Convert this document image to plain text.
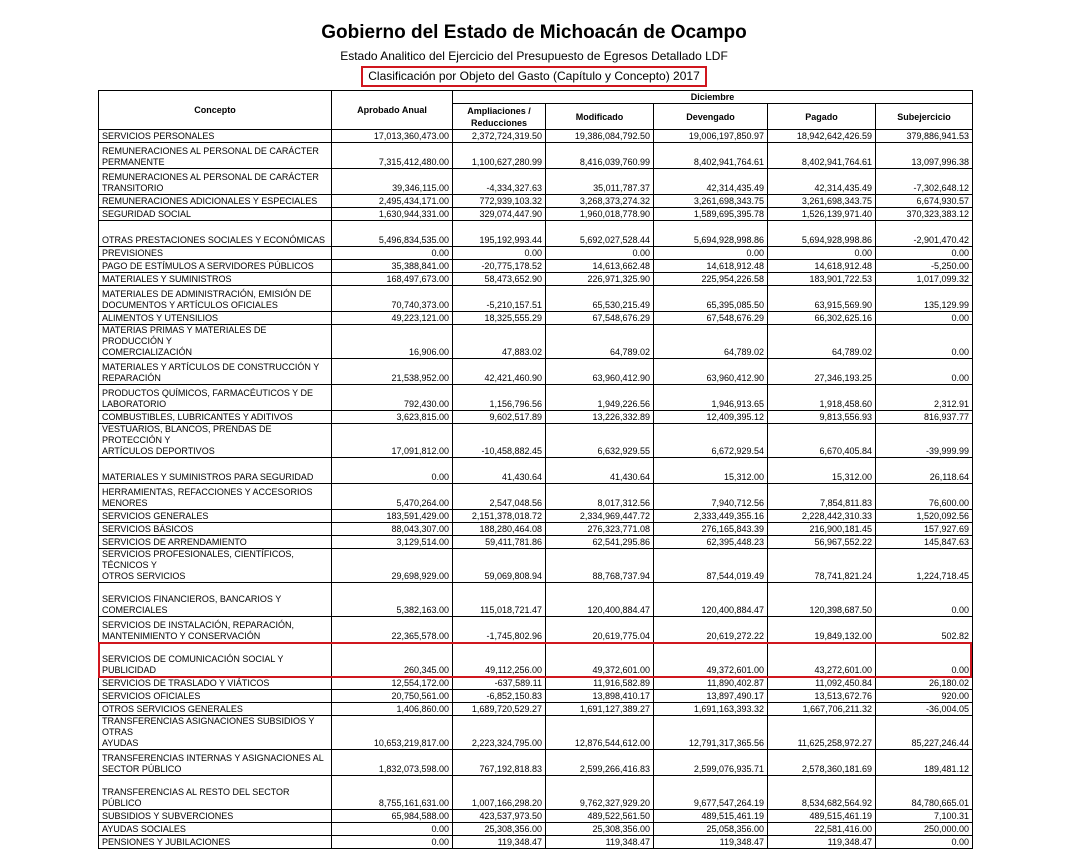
Gobierno del Estado de Michoacán de Ocampo
Estado Analitico del Ejercicio del Presupuesto de Egresos Detallado LDF
Clasificación por Objeto del Gasto (Capítulo y Concepto) 2017
Concepto	Aprobado Anual	Diciembre				
		Ampliaciones / Reducciones	Modificado	Devengado	Pagado	Subejercicio

SERVICIOS PERSONALES	17,013,360,473.00	2,372,724,319.50	19,386,084,792.50	19,006,197,850.97	18,942,642,426.59	379,886,941.53

REMUNERACIONES AL PERSONAL DE CARÁCTER
PERMANENTE	7,315,412,480.00	1,100,627,280.99	8,416,039,760.99	8,402,941,764.61	8,402,941,764.61	13,097,996.38

REMUNERACIONES AL PERSONAL DE CARÁCTER
TRANSITORIO	39,346,115.00	-4,334,327.63	35,011,787.37	42,314,435.49	42,314,435.49	-7,302,648.12

REMUNERACIONES ADICIONALES Y ESPECIALES	2,495,434,171.00	772,939,103.32	3,268,373,274.32	3,261,698,343.75	3,261,698,343.75	6,674,930.57

SEGURIDAD SOCIAL	1,630,944,331.00	329,074,447.90	1,960,018,778.90	1,589,695,395.78	1,526,139,971.40	370,323,383.12

OTRAS PRESTACIONES SOCIALES Y ECONÓMICAS	5,496,834,535.00	195,192,993.44	5,692,027,528.44	5,694,928,998.86	5,694,928,998.86	-2,901,470.42

PREVISIONES	0.00	0.00	0.00	0.00	0.00	0.00

PAGO DE ESTÍMULOS A SERVIDORES PÚBLICOS	35,388,841.00	-20,775,178.52	14,613,662.48	14,618,912.48	14,618,912.48	-5,250.00

MATERIALES Y SUMINISTROS	168,497,673.00	58,473,652.90	226,971,325.90	225,954,226.58	183,901,722.53	1,017,099.32

MATERIALES DE ADMINISTRACIÓN, EMISIÓN DE
DOCUMENTOS Y ARTÍCULOS OFICIALES	70,740,373.00	-5,210,157.51	65,530,215.49	65,395,085.50	63,915,569.90	135,129.99

ALIMENTOS Y UTENSILIOS	49,223,121.00	18,325,555.29	67,548,676.29	67,548,676.29	66,302,625.16	0.00

MATERIAS PRIMAS Y MATERIALES DE PRODUCCIÓN Y
COMERCIALIZACIÓN	16,906.00	47,883.02	64,789.02	64,789.02	64,789.02	0.00

MATERIALES Y ARTÍCULOS DE CONSTRUCCIÓN Y
REPARACIÓN	21,538,952.00	42,421,460.90	63,960,412.90	63,960,412.90	27,346,193.25	0.00

PRODUCTOS QUÍMICOS, FARMACÉUTICOS Y DE
LABORATORIO	792,430.00	1,156,796.56	1,949,226.56	1,946,913.65	1,918,458.60	2,312.91

COMBUSTIBLES, LUBRICANTES Y ADITIVOS	3,623,815.00	9,602,517.89	13,226,332.89	12,409,395.12	9,813,556.93	816,937.77

VESTUARIOS, BLANCOS, PRENDAS DE PROTECCIÓN Y
ARTÍCULOS DEPORTIVOS	17,091,812.00	-10,458,882.45	6,632,929.55	6,672,929.54	6,670,405.84	-39,999.99

MATERIALES Y SUMINISTROS PARA SEGURIDAD	0.00	41,430.64	41,430.64	15,312.00	15,312.00	26,118.64

HERRAMIENTAS, REFACCIONES Y ACCESORIOS
MENORES	5,470,264.00	2,547,048.56	8,017,312.56	7,940,712.56	7,854,811.83	76,600.00

SERVICIOS GENERALES	183,591,429.00	2,151,378,018.72	2,334,969,447.72	2,333,449,355.16	2,228,442,310.33	1,520,092.56

SERVICIOS BÁSICOS	88,043,307.00	188,280,464.08	276,323,771.08	276,165,843.39	216,900,181.45	157,927.69

SERVICIOS DE ARRENDAMIENTO	3,129,514.00	59,411,781.86	62,541,295.86	62,395,448.23	56,967,552.22	145,847.63

SERVICIOS PROFESIONALES, CIENTÍFICOS, TÉCNICOS Y
OTROS SERVICIOS	29,698,929.00	59,069,808.94	88,768,737.94	87,544,019.49	78,741,821.24	1,224,718.45

SERVICIOS FINANCIEROS, BANCARIOS Y COMERCIALES	5,382,163.00	115,018,721.47	120,400,884.47	120,400,884.47	120,398,687.50	0.00

SERVICIOS DE INSTALACIÓN, REPARACIÓN,
MANTENIMIENTO Y CONSERVACIÓN	22,365,578.00	-1,745,802.96	20,619,775.04	20,619,272.22	19,849,132.00	502.82

SERVICIOS DE COMUNICACIÓN SOCIAL Y PUBLICIDAD	260,345.00	49,112,256.00	49,372,601.00	49,372,601.00	43,272,601.00	0.00

SERVICIOS DE TRASLADO Y VIÁTICOS	12,554,172.00	-637,589.11	11,916,582.89	11,890,402.87	11,092,450.84	26,180.02

SERVICIOS OFICIALES	20,750,561.00	-6,852,150.83	13,898,410.17	13,897,490.17	13,513,672.76	920.00

OTROS SERVICIOS GENERALES	1,406,860.00	1,689,720,529.27	1,691,127,389.27	1,691,163,393.32	1,667,706,211.32	-36,004.05

TRANSFERENCIAS ASIGNACIONES SUBSIDIOS Y OTRAS
AYUDAS	10,653,219,817.00	2,223,324,795.00	12,876,544,612.00	12,791,317,365.56	11,625,258,972.27	85,227,246.44

TRANSFERENCIAS INTERNAS Y ASIGNACIONES AL
SECTOR PÚBLICO	1,832,073,598.00	767,192,818.83	2,599,266,416.83	2,599,076,935.71	2,578,360,181.69	189,481.12

TRANSFERENCIAS AL RESTO DEL SECTOR PÚBLICO	8,755,161,631.00	1,007,166,298.20	9,762,327,929.20	9,677,547,264.19	8,534,682,564.92	84,780,665.01

SUBSIDIOS Y SUBVERCIONES	65,984,588.00	423,537,973.50	489,522,561.50	489,515,461.19	489,515,461.19	7,100.31

AYUDAS SOCIALES	0.00	25,308,356.00	25,308,356.00	25,058,356.00	22,581,416.00	250,000.00

PENSIONES Y JUBILACIONES	0.00	119,348.47	119,348.47	119,348.47	119,348.47	0.00
